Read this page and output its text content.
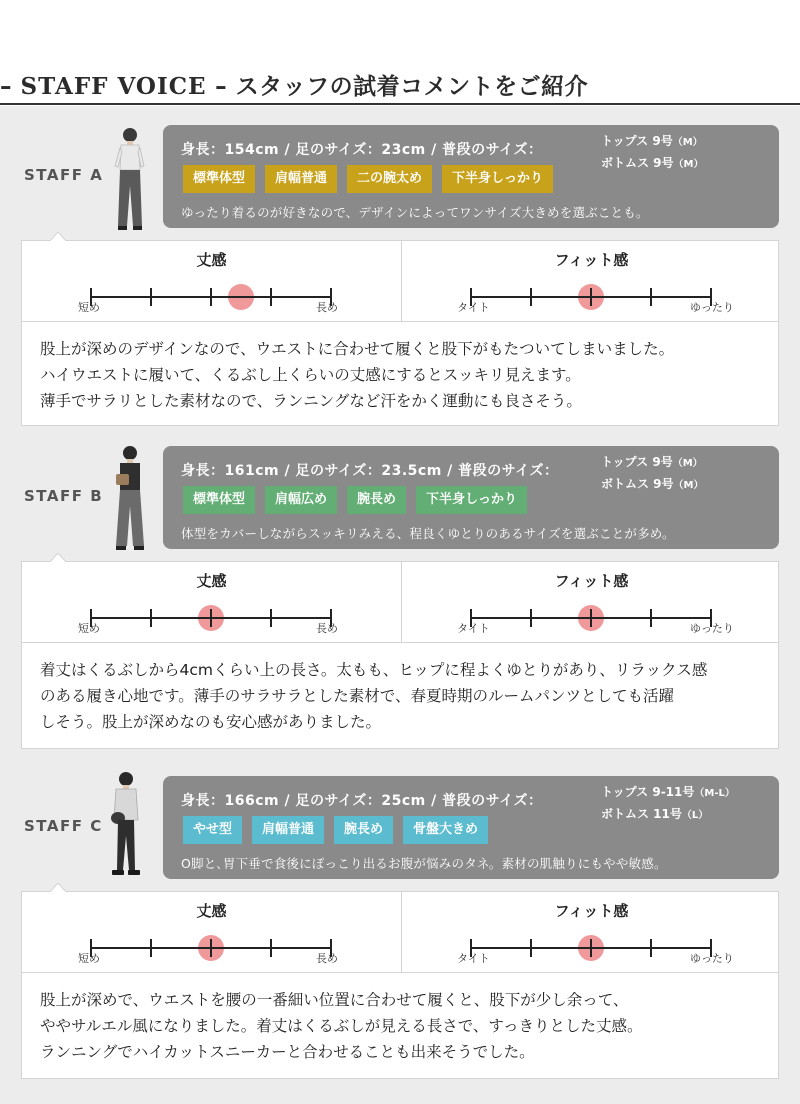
– STAFF VOICE – スタッフの試着コメントをご紹介
STAFF A
身長：154cm / 足のサイズ：23cm / 普段のサイズ：
トップス 9号（M）
ボトムス 9号（M）
標準体型	肩幅普通	二の腕太め	下半身しっかり
ゆったり着るのが好きなので、デザインによってワンサイズ大きめを選ぶことも。
丈感
短め	長め
フィット感
タイト	ゆったり
股上が深めのデザインなので、ウエストに合わせて履くと股下がもたついてしまいました。
ハイウエストに履いて、くるぶし上くらいの丈感にするとスッキリ見えます。
薄手でサラリとした素材なので、ランニングなど汗をかく運動にも良さそう。
STAFF B
身長：161cm / 足のサイズ：23.5cm / 普段のサイズ：
トップス 9号（M）
ボトムス 9号（M）
標準体型	肩幅広め	腕長め	下半身しっかり
体型をカバーしながらスッキリみえる、程良くゆとりのあるサイズを選ぶことが多め。
丈感
短め	長め
フィット感
タイト	ゆったり
着丈はくるぶしから4cmくらい上の長さ。太もも、ヒップに程よくゆとりがあり、リラックス感
のある履き心地です。薄手のサラサラとした素材で、春夏時期のルームパンツとしても活躍
しそう。股上が深めなのも安心感がありました。
STAFF C
身長：166cm / 足のサイズ：25cm / 普段のサイズ：
トップス 9-11号（M-L）
ボトムス 11号（L）
やせ型	肩幅普通	腕長め	骨盤大きめ
O脚と､胃下垂で食後にぽっこり出るお腹が悩みのタネ。素材の肌触りにもやや敏感。
丈感
短め	長め
フィット感
タイト	ゆったり
股上が深めで、ウエストを腰の一番細い位置に合わせて履くと、股下が少し余って、
ややサルエル風になりました。着丈はくるぶしが見える長さで、すっきりとした丈感。
ランニングでハイカットスニーカーと合わせることも出来そうでした。
